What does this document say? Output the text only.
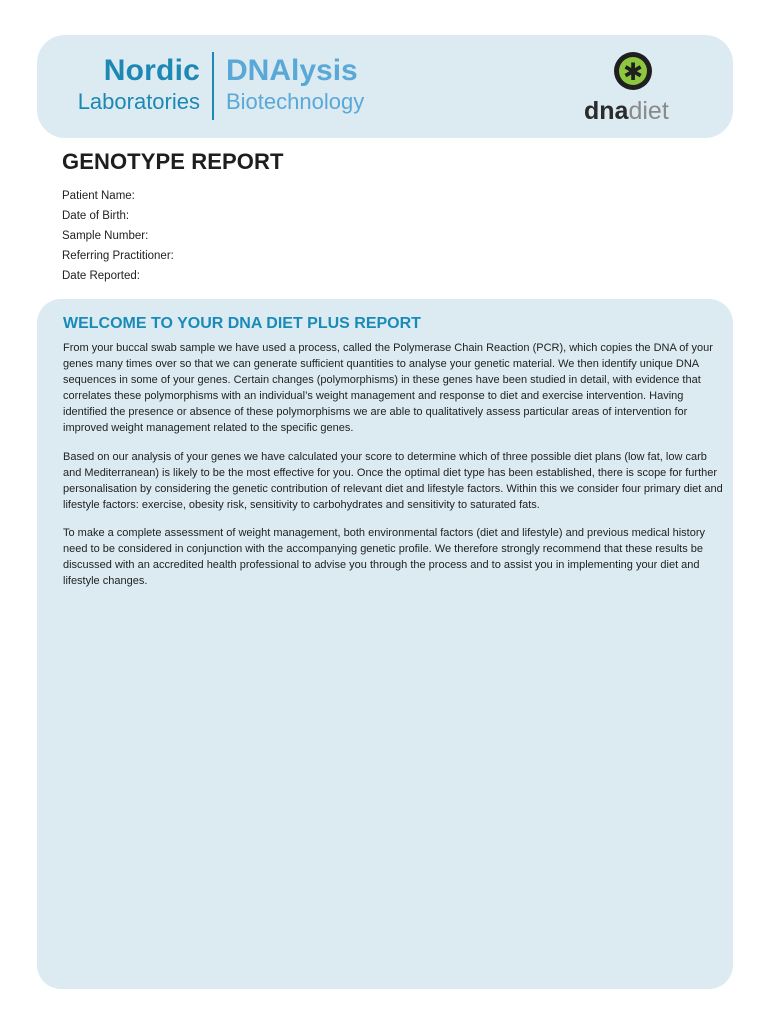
Nordic
Laboratories
DNAlysis
Biotechnology
✱
dnadiet
GENOTYPE REPORT
Patient Name:
Date of Birth:
Sample Number:
Referring Practitioner:
Date Reported:
WELCOME TO YOUR DNA DIET PLUS REPORT

From your buccal swab sample we have used a process, called the Polymerase Chain Reaction (PCR), which copies the DNA of your genes many times over so that we can generate sufficient quantities to analyse your genetic material. We then identify unique DNA sequences in some of your genes. Certain changes (polymorphisms) in these genes have been studied in detail, with evidence that correlates these polymorphisms with an individual’s weight management and response to diet and exercise intervention. Having identified the presence or absence of these polymorphisms we are able to qualitatively assess particular areas of intervention for improved weight management related to the specific genes.

Based on our analysis of your genes we have calculated your score to determine which of three possible diet plans (low fat, low carb and Mediterranean) is likely to be the most effective for you. Once the optimal diet type has been established, there is scope for further personalisation by considering the genetic contribution of relevant diet and lifestyle factors. Within this we consider four primary diet and lifestyle factors: exercise, obesity risk, sensitivity to carbohydrates and sensitivity to saturated fats.

To make a complete assessment of weight management, both environmental factors (diet and lifestyle) and previous medical history need to be considered in conjunction with the accompanying genetic profile. We therefore strongly recommend that these results be discussed with an accredited health professional to advise you through the process and to assist you in implementing your diet and lifestyle changes.
